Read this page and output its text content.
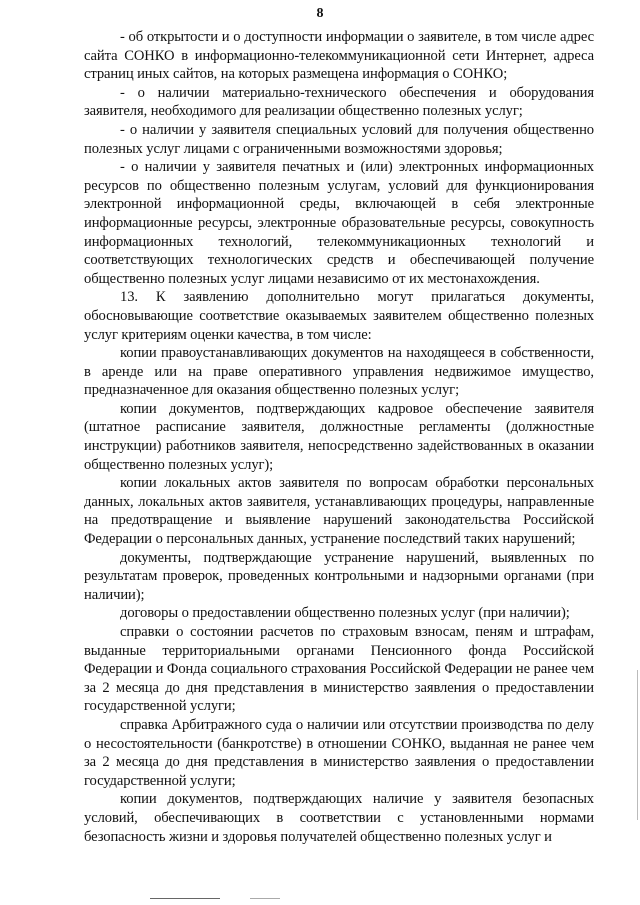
8

- об открытости и о доступности информации о заявителе, в том числе адрес сайта СОНКО в информационно-телекоммуникационной сети Интернет, адреса страниц иных сайтов, на которых размещена информация о СОНКО;

- о наличии материально-технического обеспечения и оборудования заявителя, необходимого для реализации общественно полезных услуг;

- о наличии у заявителя специальных условий для получения общественно полезных услуг лицами с ограниченными возможностями здоровья;

- о наличии у заявителя печатных и (или) электронных информационных ресурсов по общественно полезным услугам, условий для функционирования электронной информационной среды, включающей в себя электронные информационные ресурсы, электронные образовательные ресурсы, совокупность информационных технологий, телекоммуникационных технологий и соответствующих технологических средств и обеспечивающей получение общественно полезных услуг лицами независимо от их местонахождения.

13. К заявлению дополнительно могут прилагаться документы, обосновывающие соответствие оказываемых заявителем общественно полезных услуг критериям оценки качества, в том числе:

копии правоустанавливающих документов на находящееся в собственности, в аренде или на праве оперативного управления недвижимое имущество, предназначенное для оказания общественно полезных услуг;

копии документов, подтверждающих кадровое обеспечение заявителя (штатное расписание заявителя, должностные регламенты (должностные инструкции) работников заявителя, непосредственно задействованных в оказании общественно полезных услуг);

копии локальных актов заявителя по вопросам обработки персональных данных, локальных актов заявителя, устанавливающих процедуры, направленные на предотвращение и выявление нарушений законодательства Российской Федерации о персональных данных, устранение последствий таких нарушений;

документы, подтверждающие устранение нарушений, выявленных по результатам проверок, проведенных контрольными и надзорными органами (при наличии);

договоры о предоставлении общественно полезных услуг (при наличии);

справки о состоянии расчетов по страховым взносам, пеням и штрафам, выданные территориальными органами Пенсионного фонда Российской Федерации и Фонда социального страхования Российской Федерации не ранее чем за 2 месяца до дня представления в министерство заявления о предоставлении государственной услуги;

справка Арбитражного суда о наличии или отсутствии производства по делу о несостоятельности (банкротстве) в отношении СОНКО, выданная не ранее чем за 2 месяца до дня представления в министерство заявления о предоставлении государственной услуги;

копии документов, подтверждающих наличие у заявителя безопасных условий, обеспечивающих в соответствии с установленными нормами безопасность жизни и здоровья получателей общественно полезных услуг и
